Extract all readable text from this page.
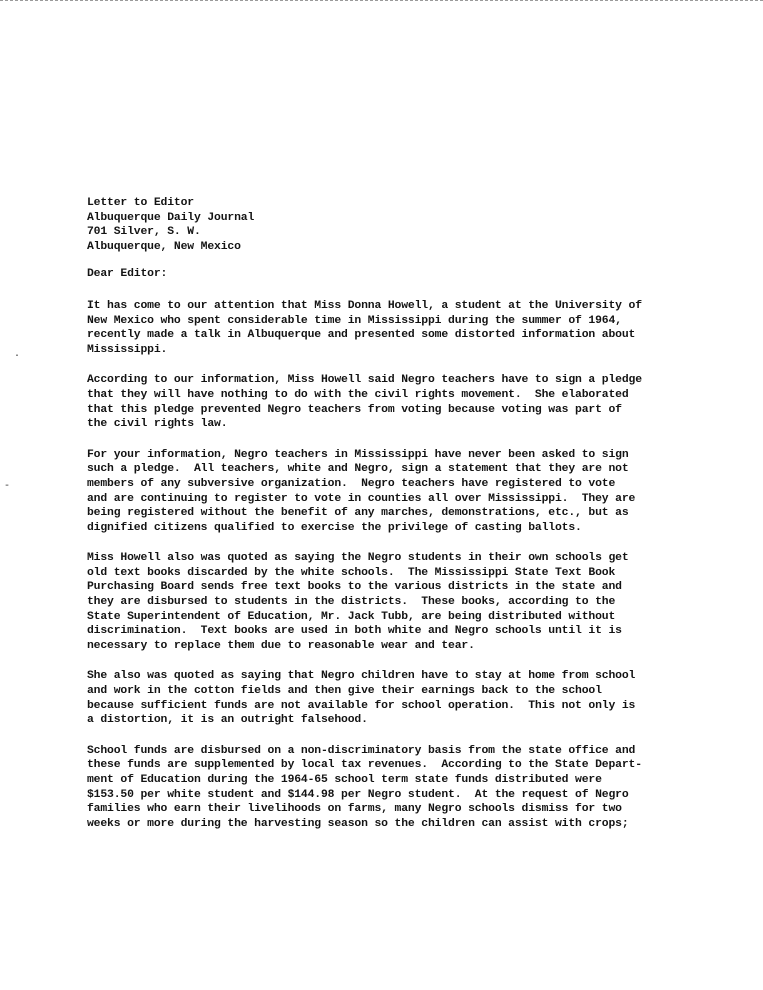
·
‐
Letter to Editor
Albuquerque Daily Journal
701 Silver, S. W.
Albuquerque, New Mexico
Dear Editor:
It has come to our attention that Miss Donna Howell, a student at the University of
New Mexico who spent considerable time in Mississippi during the summer of 1964,
recently made a talk in Albuquerque and presented some distorted information about
Mississippi.
According to our information, Miss Howell said Negro teachers have to sign a pledge
that they will have nothing to do with the civil rights movement.  She elaborated
that this pledge prevented Negro teachers from voting because voting was part of
the civil rights law.
For your information, Negro teachers in Mississippi have never been asked to sign
such a pledge.  All teachers, white and Negro, sign a statement that they are not
members of any subversive organization.  Negro teachers have registered to vote
and are continuing to register to vote in counties all over Mississippi.  They are
being registered without the benefit of any marches, demonstrations, etc., but as
dignified citizens qualified to exercise the privilege of casting ballots.
Miss Howell also was quoted as saying the Negro students in their own schools get
old text books discarded by the white schools.  The Mississippi State Text Book
Purchasing Board sends free text books to the various districts in the state and
they are disbursed to students in the districts.  These books, according to the
State Superintendent of Education, Mr. Jack Tubb, are being distributed without
discrimination.  Text books are used in both white and Negro schools until it is
necessary to replace them due to reasonable wear and tear.
She also was quoted as saying that Negro children have to stay at home from school
and work in the cotton fields and then give their earnings back to the school
because sufficient funds are not available for school operation.  This not only is
a distortion, it is an outright falsehood.
School funds are disbursed on a non-discriminatory basis from the state office and
these funds are supplemented by local tax revenues.  According to the State Depart-
ment of Education during the 1964-65 school term state funds distributed were
$153.50 per white student and $144.98 per Negro student.  At the request of Negro
families who earn their livelihoods on farms, many Negro schools dismiss for two
weeks or more during the harvesting season so the children can assist with crops;
